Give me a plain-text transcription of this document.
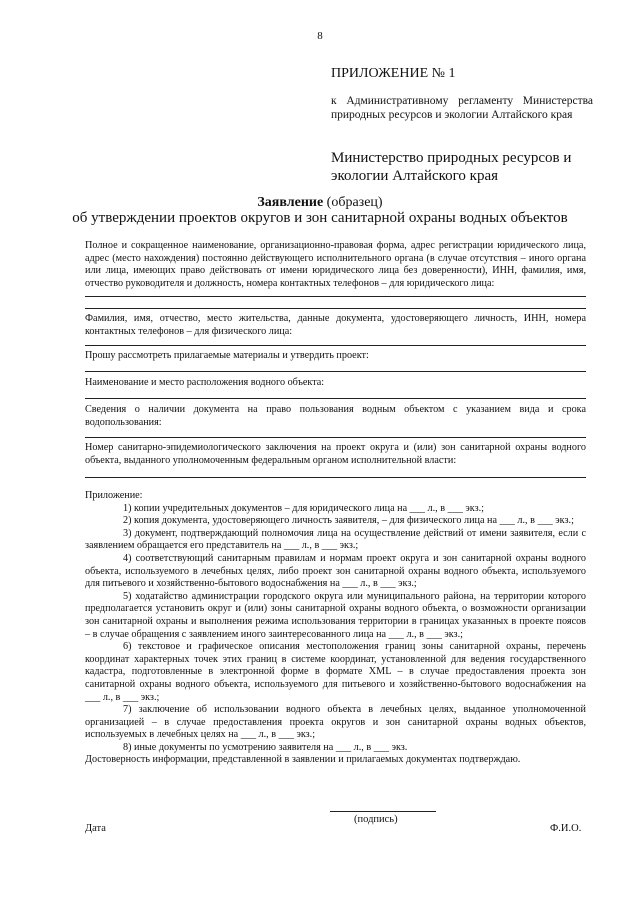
8
ПРИЛОЖЕНИЕ № 1
к Административному регламенту Министерства природных ресурсов и экологии Алтайского края
Министерство природных ресурсов и экологии Алтайского края
Заявление (образец)
об утверждении проектов округов и зон санитарной охраны водных объектов
Полное и сокращенное наименование, организационно-правовая форма, адрес регистрации юридического лица, адрес (место нахождения) постоянно действующего исполнительного органа (в случае отсутствия – иного органа или лица, имеющих право действовать от имени юридического лица без доверенности), ИНН, фамилия, имя, отчество руководителя и должность, номера контактных телефонов – для юридического лица:
Фамилия, имя, отчество, место жительства, данные документа, удостоверяющего личность, ИНН, номера контактных телефонов – для физического лица:
Прошу рассмотреть прилагаемые материалы и утвердить проект:
Наименование и место расположения водного объекта:
Сведения о наличии документа на право пользования водным объектом с указанием вида и срока водопользования:
Номер санитарно-эпидемиологического заключения на проект округа и (или) зон санитарной охраны водного объекта, выданного уполномоченным федеральным органом исполнительной власти:
Приложение:
1) копии учредительных документов – для юридического лица на ___ л., в ___ экз.;
2) копия документа, удостоверяющего личность заявителя, – для физического лица на ___ л., в ___ экз.;
3) документ, подтверждающий полномочия лица на осуществление действий от имени заявителя, если с заявлением обращается его представитель на ___ л., в ___ экз.;
4) соответствующий санитарным правилам и нормам проект округа и зон санитарной охраны водного объекта, используемого в лечебных целях, либо проект зон санитарной охраны водного объекта, используемого для питьевого и хозяйственно-бытового водоснабжения на ___ л., в ___ экз.;
5) ходатайство администрации городского округа или муниципального района, на территории которого предполагается установить округ и (или) зоны санитарной охраны водного объекта, о возможности организации зон санитарной охраны и выполнения режима использования территории в границах указанных в проекте поясов – в случае обращения с заявлением иного заинтересованного лица на ___ л., в ___ экз.;
6) текстовое и графическое описания местоположения границ зоны санитарной охраны, перечень координат характерных точек этих границ в системе координат, установленной для ведения государственного кадастра, подготовленные в электронной форме в формате XML – в случае предоставления проекта зон санитарной охраны водного объекта, используемого для питьевого и хозяйственно-бытового водоснабжения на ___ л., в ___ экз.;
7) заключение об использовании водного объекта в лечебных целях, выданное уполномоченной организацией – в случае предоставления проекта округов и зон санитарной охраны водных объектов, используемых в лечебных целях на ___ л., в ___ экз.;
8) иные документы по усмотрению заявителя на ___ л., в ___ экз.
Достоверность информации, представленной в заявлении и прилагаемых документах подтверждаю.
Дата
(подпись)
Ф.И.О.
